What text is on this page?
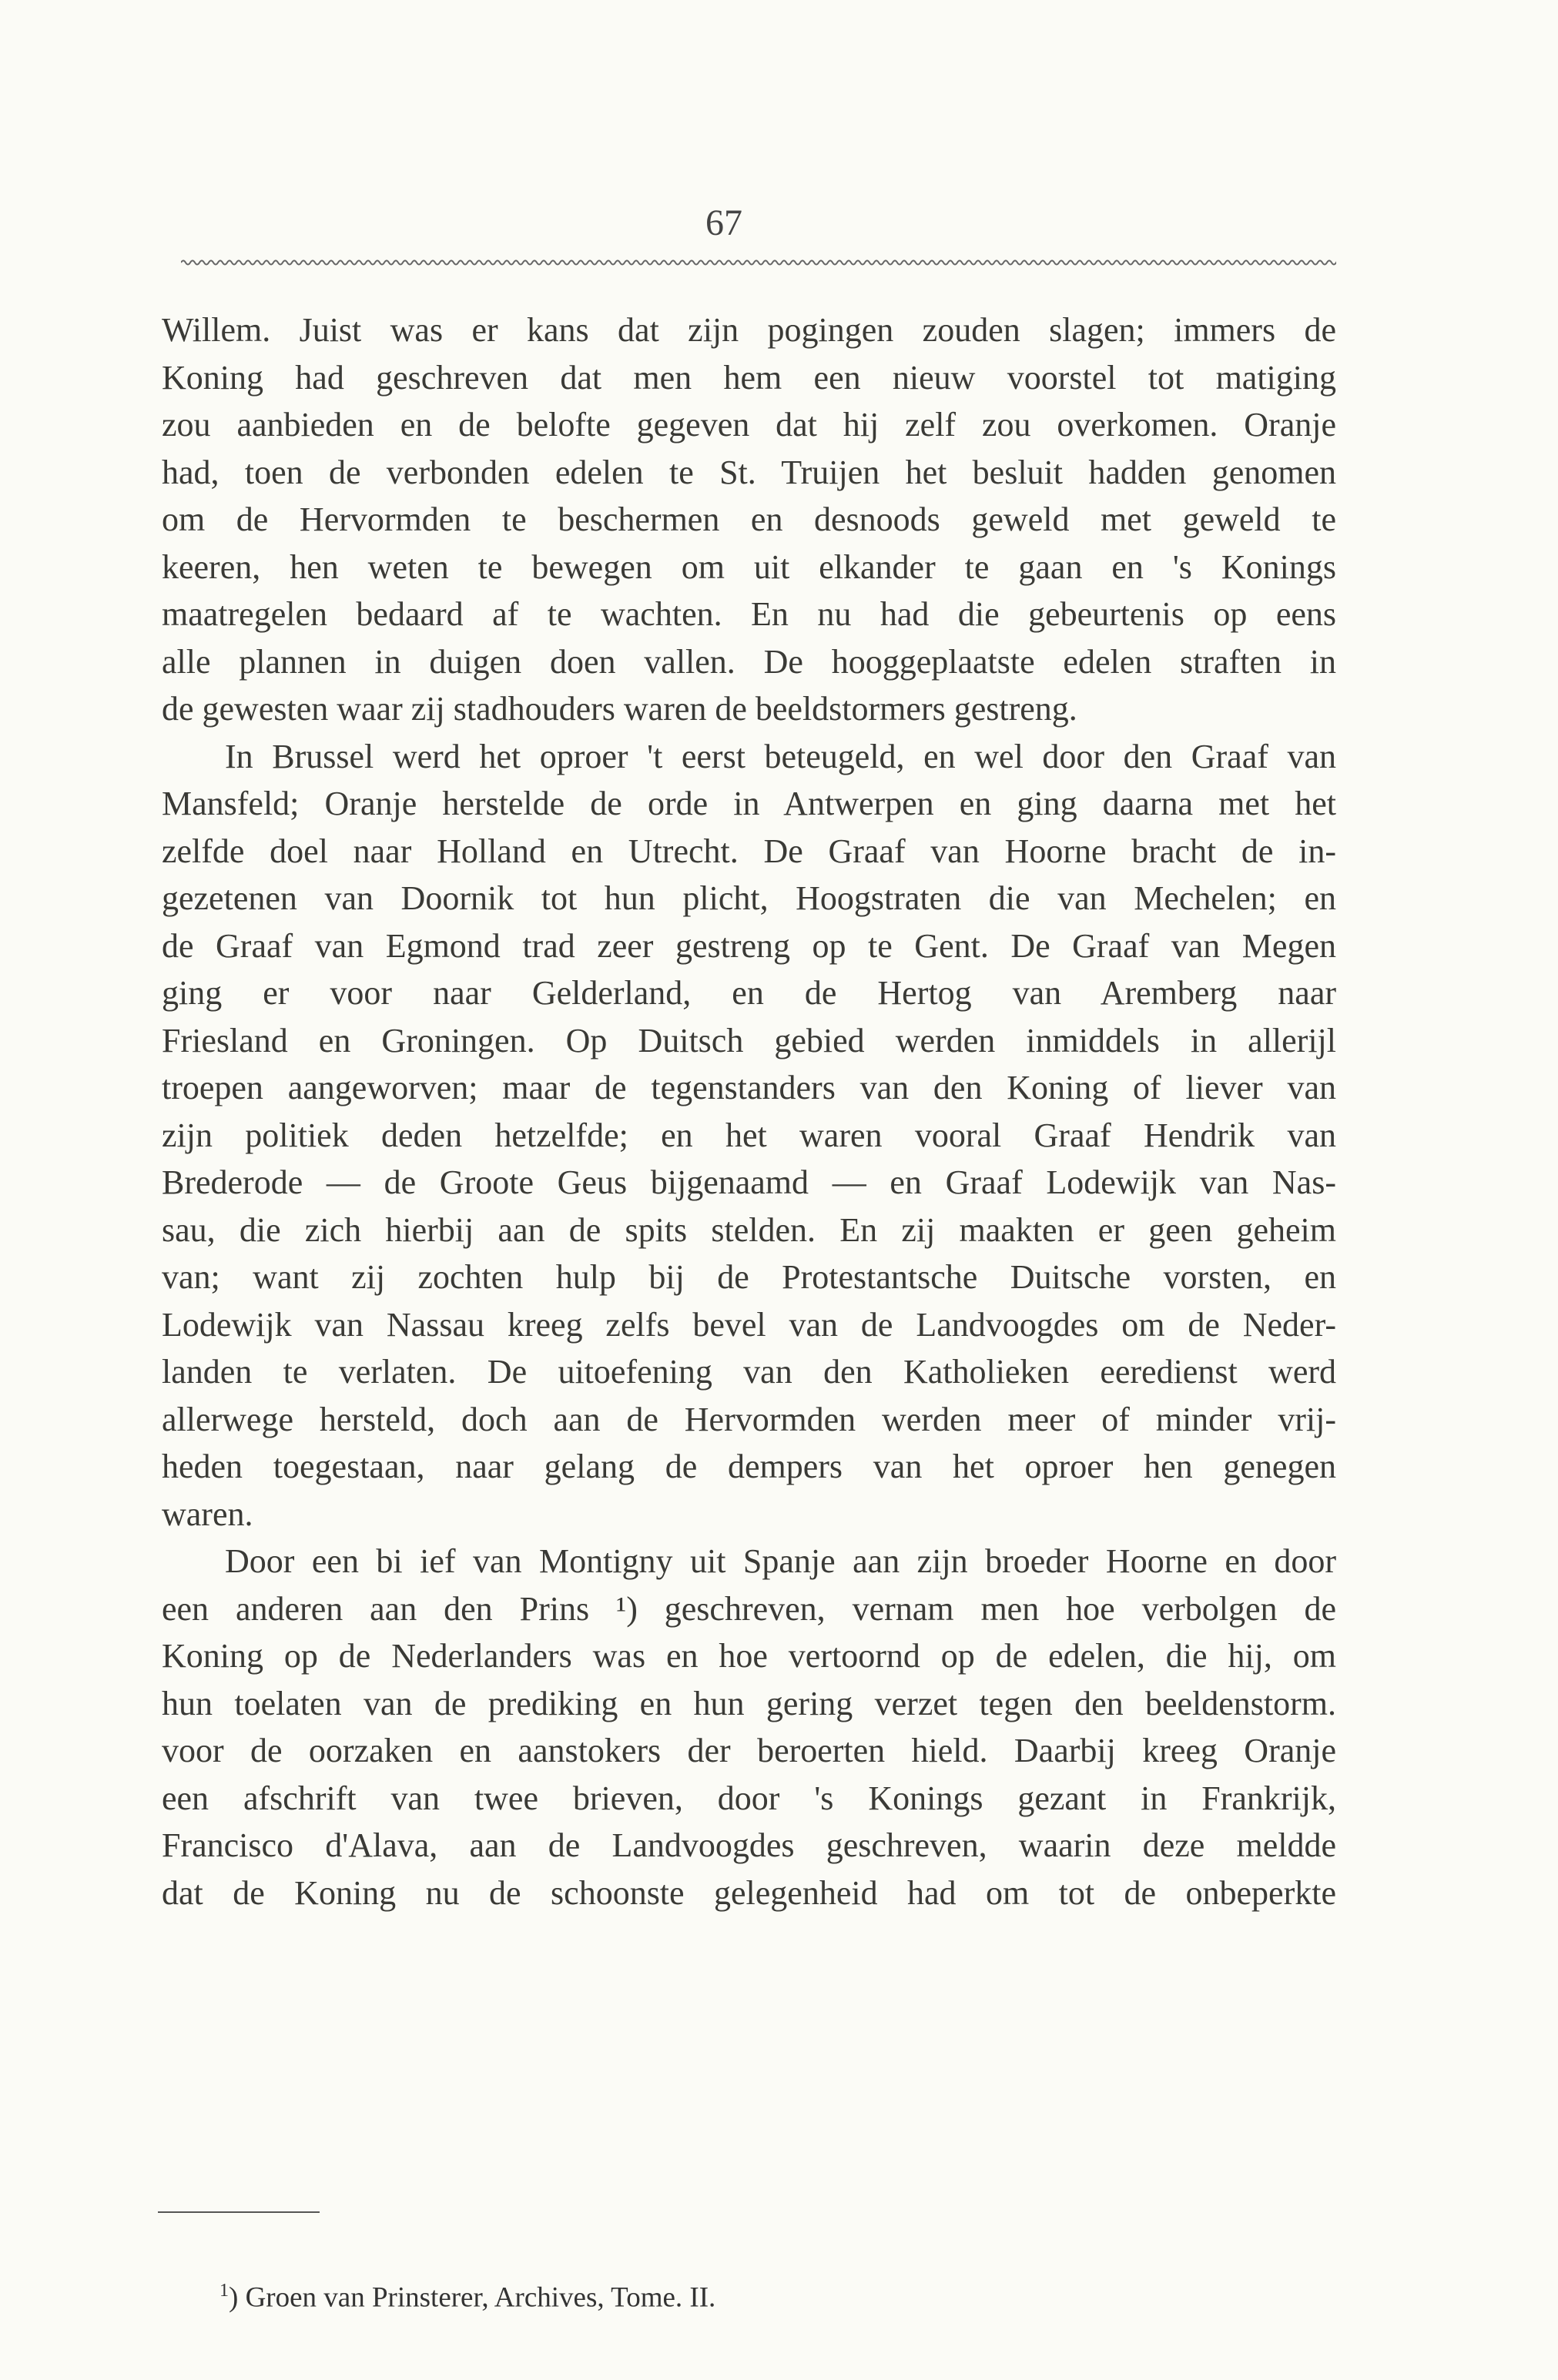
67
Willem. Juist was er kans dat zijn pogingen zouden slagen; immers de
Koning had geschreven dat men hem een nieuw voorstel tot matiging
zou aanbieden en de belofte gegeven dat hij zelf zou overkomen. Oranje
had, toen de verbonden edelen te St. Truijen het besluit hadden genomen
om de Hervormden te beschermen en desnoods geweld met geweld te
keeren, hen weten te bewegen om uit elkander te gaan en 's Konings
maatregelen bedaard af te wachten. En nu had die gebeurtenis op eens
alle plannen in duigen doen vallen. De hooggeplaatste edelen straften in
de gewesten waar zij stadhouders waren de beeldstormers gestreng.
In Brussel werd het oproer 't eerst beteugeld, en wel door den Graaf van
Mansfeld; Oranje herstelde de orde in Antwerpen en ging daarna met het
zelfde doel naar Holland en Utrecht. De Graaf van Hoorne bracht de in-
gezetenen van Doornik tot hun plicht, Hoogstraten die van Mechelen; en
de Graaf van Egmond trad zeer gestreng op te Gent. De Graaf van Megen
ging er voor naar Gelderland, en de Hertog van Aremberg naar
Friesland en Groningen. Op Duitsch gebied werden inmiddels in allerijl
troepen aangeworven; maar de tegenstanders van den Koning of liever van
zijn politiek deden hetzelfde; en het waren vooral Graaf Hendrik van
Brederode — de Groote Geus bijgenaamd — en Graaf Lodewijk van Nas-
sau, die zich hierbij aan de spits stelden. En zij maakten er geen geheim
van; want zij zochten hulp bij de Protestantsche Duitsche vorsten, en
Lodewijk van Nassau kreeg zelfs bevel van de Landvoogdes om de Neder-
landen te verlaten. De uitoefening van den Katholieken eeredienst werd
allerwege hersteld, doch aan de Hervormden werden meer of minder vrij-
heden toegestaan, naar gelang de dempers van het oproer hen genegen
waren.
Door een bi ief van Montigny uit Spanje aan zijn broeder Hoorne en door
een anderen aan den Prins ¹) geschreven, vernam men hoe verbolgen de
Koning op de Nederlanders was en hoe vertoornd op de edelen, die hij, om
hun toelaten van de prediking en hun gering verzet tegen den beeldenstorm.
voor de oorzaken en aanstokers der beroerten hield. Daarbij kreeg Oranje
een afschrift van twee brieven, door 's Konings gezant in Frankrijk,
Francisco d'Alava, aan de Landvoogdes geschreven, waarin deze meldde
dat de Koning nu de schoonste gelegenheid had om tot de onbeperkte
$^1$) Groen van Prinsterer, Archives, Tome. II.
